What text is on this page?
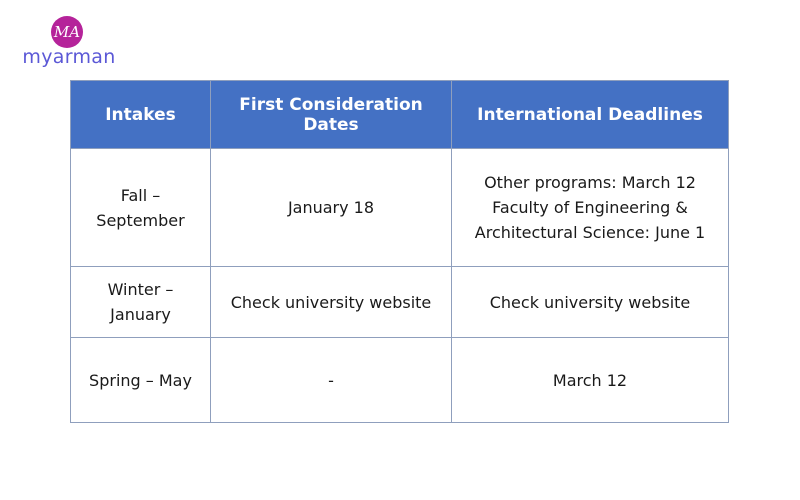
MA
myarman
Intakes	First Consideration Dates	International Deadlines
Fall – September	January 18	Other programs: March 12
Faculty of Engineering &
Architectural Science: June 1

Winter – January	Check university website	Check university website

Spring – May	-	March 12
